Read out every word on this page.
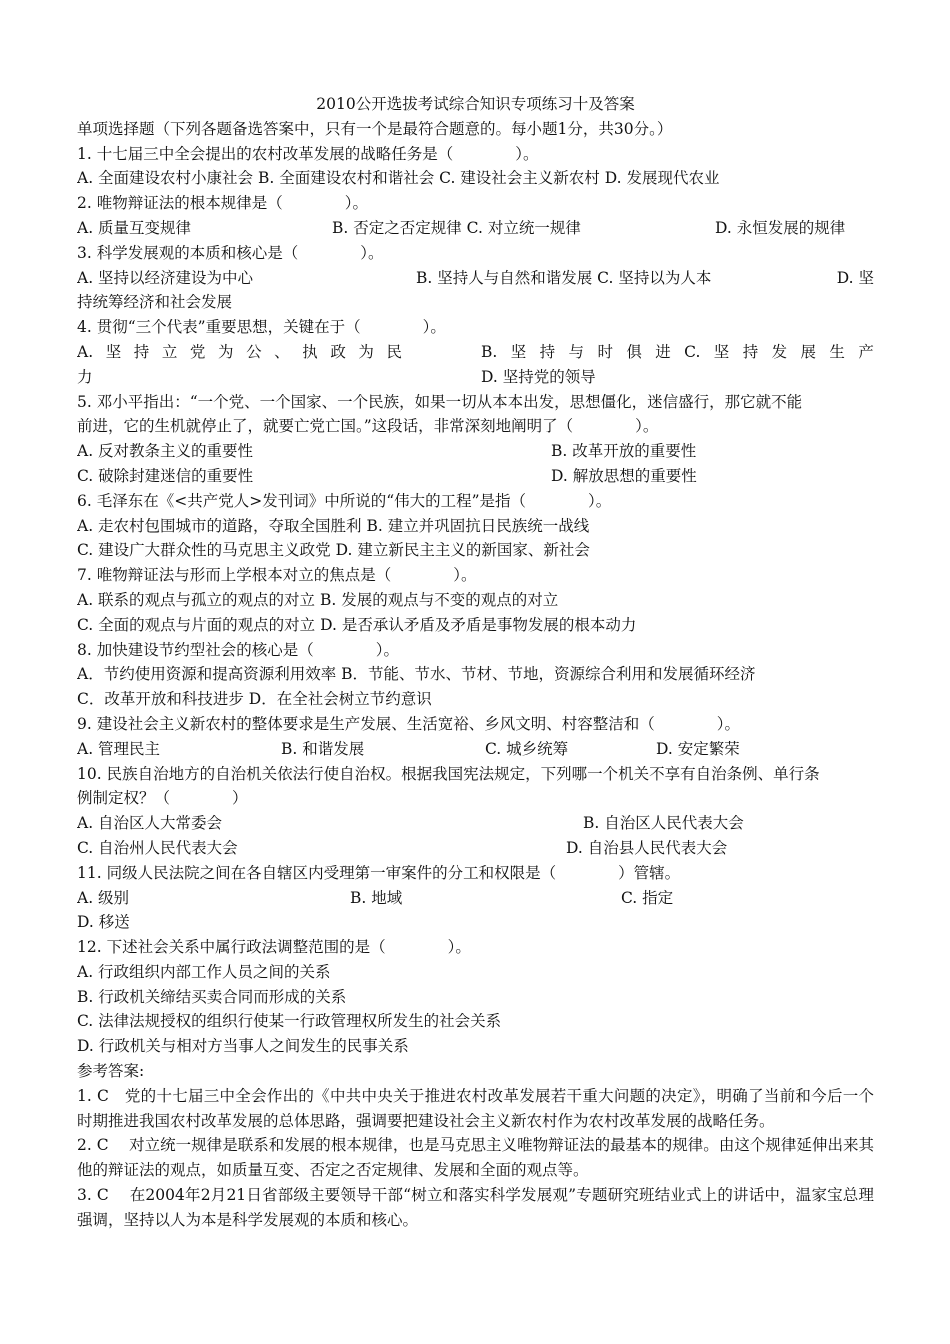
2010公开选拔考试综合知识专项练习十及答案
单项选择题（下列各题备选答案中，只有一个是最符合题意的。每小题1分，共30分。）
1. 十七届三中全会提出的农村改革发展的战略任务是（　　　　）。
A. 全面建设农村小康社会 B. 全面建设农村和谐社会 C. 建设社会主义新农村 D. 发展现代农业
2. 唯物辩证法的根本规律是（　　　　）。
A. 质量互变规律	B. 否定之否定规律 C. 对立统一规律	D. 永恒发展的规律
3. 科学发展观的本质和核心是（　　　　）。
A. 坚持以经济建设为中心	B. 坚持人与自然和谐发展 C. 坚持以为人本	D. 坚
持统筹经济和社会发展
4. 贯彻“三个代表”重要思想，关键在于（　　　　）。
A. 坚 持 立 党 为 公 、 执 政 为 民	B. 坚 持 与 时 俱 进 C. 坚 持 发 展 生 产
力	D. 坚持党的领导
5. 邓小平指出：“一个党、一个国家、一个民族，如果一切从本本出发，思想僵化，迷信盛行，那它就不能
前进，它的生机就停止了，就要亡党亡国。”这段话，非常深刻地阐明了（　　　　）。
A. 反对教条主义的重要性	B. 改革开放的重要性
C. 破除封建迷信的重要性	D. 解放思想的重要性
6. 毛泽东在《<共产党人>发刊词》中所说的“伟大的工程”是指（　　　　）。
A. 走农村包围城市的道路，夺取全国胜利 B. 建立并巩固抗日民族统一战线
C. 建设广大群众性的马克思主义政党 D. 建立新民主主义的新国家、新社会
7. 唯物辩证法与形而上学根本对立的焦点是（　　　　）。
A. 联系的观点与孤立的观点的对立 B. 发展的观点与不变的观点的对立
C. 全面的观点与片面的观点的对立 D. 是否承认矛盾及矛盾是事物发展的根本动力
8. 加快建设节约型社会的核心是（　　　　）。
A．节约使用资源和提高资源利用效率 B．节能、节水、节材、节地，资源综合利用和发展循环经济
C．改革开放和科技进步 D．在全社会树立节约意识
9. 建设社会主义新农村的整体要求是生产发展、生活宽裕、乡风文明、村容整洁和（　　　　）。
A. 管理民主	B. 和谐发展	C. 城乡统筹	D. 安定繁荣
10. 民族自治地方的自治机关依法行使自治权。根据我国宪法规定，下列哪一个机关不享有自治条例、单行条
例制定权？（　　　　）
A. 自治区人大常委会	B. 自治区人民代表大会
C. 自治州人民代表大会	D. 自治县人民代表大会
11. 同级人民法院之间在各自辖区内受理第一审案件的分工和权限是（　　　　）管辖。
A. 级别	B. 地域	C. 指定
D. 移送
12. 下述社会关系中属行政法调整范围的是（　　　　）。
A. 行政组织内部工作人员之间的关系
B. 行政机关缔结买卖合同而形成的关系
C. 法律法规授权的组织行使某一行政管理权所发生的社会关系
D. 行政机关与相对方当事人之间发生的民事关系
参考答案:
1. C　党的十七届三中全会作出的《中共中央关于推进农村改革发展若干重大问题的决定》，明确了当前和今后一个时期推进我国农村改革发展的总体思路，强调要把建设社会主义新农村作为农村改革发展的战略任务。
2. C　 对立统一规律是联系和发展的根本规律，也是马克思主义唯物辩证法的最基本的规律。由这个规律延伸出来其他的辩证法的观点，如质量互变、否定之否定规律、发展和全面的观点等。
3. C　 在2004年2月21日省部级主要领导干部“树立和落实科学发展观”专题研究班结业式上的讲话中，温家宝总理强调，坚持以人为本是科学发展观的本质和核心。
